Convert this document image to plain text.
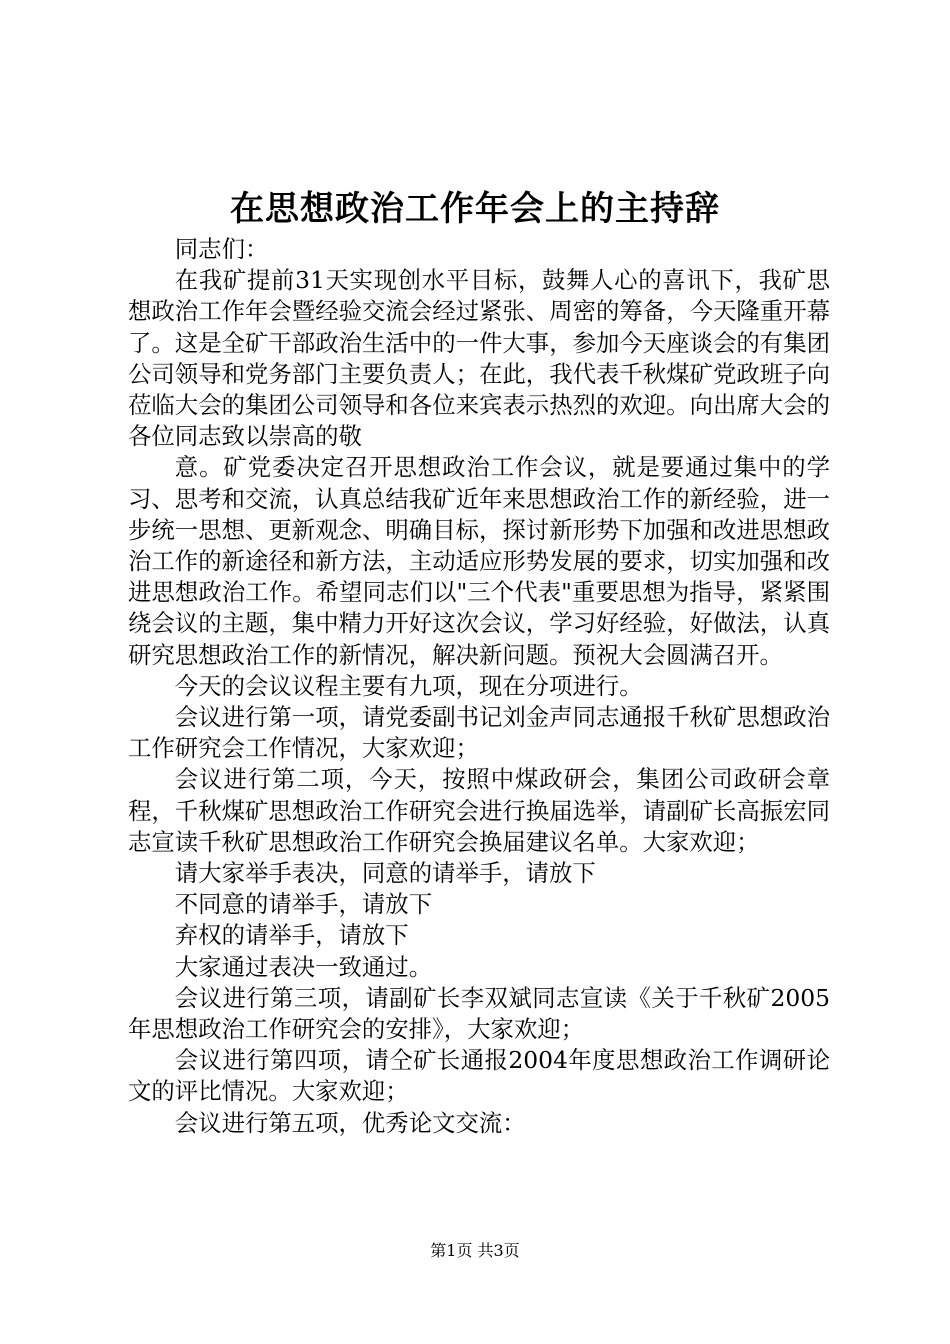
在思想政治工作年会上的主持辞

同志们：

在我矿提前31天实现创水平目标，鼓舞人心的喜讯下，我矿思想政治工作年会暨经验交流会经过紧张、周密的筹备，今天隆重开幕了。这是全矿干部政治生活中的一件大事，参加今天座谈会的有集团公司领导和党务部门主要负责人；在此，我代表千秋煤矿党政班子向莅临大会的集团公司领导和各位来宾表示热烈的欢迎。向出席大会的各位同志致以崇高的敬

意。矿党委决定召开思想政治工作会议，就是要通过集中的学习、思考和交流，认真总结我矿近年来思想政治工作的新经验，进一步统一思想、更新观念、明确目标，探讨新形势下加强和改进思想政治工作的新途径和新方法，主动适应形势发展的要求，切实加强和改进思想政治工作。希望同志们以"三个代表"重要思想为指导，紧紧围绕会议的主题，集中精力开好这次会议，学习好经验，好做法，认真研究思想政治工作的新情况，解决新问题。预祝大会圆满召开。

今天的会议议程主要有九项，现在分项进行。

会议进行第一项，请党委副书记刘金声同志通报千秋矿思想政治工作研究会工作情况，大家欢迎；

会议进行第二项，今天，按照中煤政研会，集团公司政研会章程，千秋煤矿思想政治工作研究会进行换届选举，请副矿长高振宏同志宣读千秋矿思想政治工作研究会换届建议名单。大家欢迎；

请大家举手表决，同意的请举手，请放下

不同意的请举手，请放下

弃权的请举手，请放下

大家通过表决一致通过。

会议进行第三项，请副矿长李双斌同志宣读《关于千秋矿2005年思想政治工作研究会的安排》，大家欢迎；

会议进行第四项，请仝矿长通报2004年度思想政治工作调研论文的评比情况。大家欢迎；

会议进行第五项，优秀论文交流：

第1页 共3页
